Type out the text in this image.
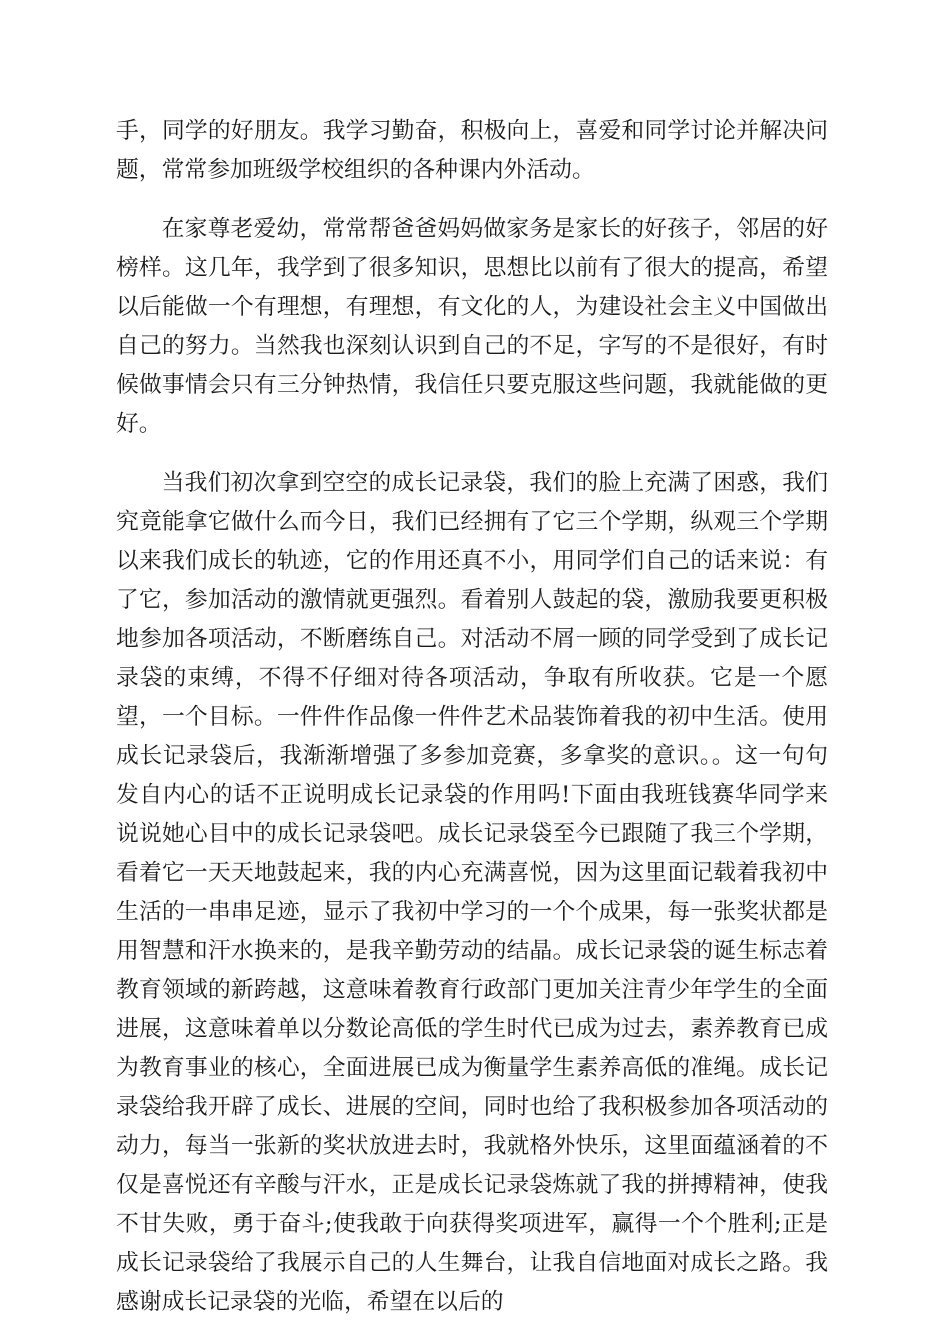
手，同学的好朋友。我学习勤奋，积极向上，喜爱和同学讨论并解决问题，常常参加班级学校组织的各种课内外活动。

在家尊老爱幼，常常帮爸爸妈妈做家务是家长的好孩子，邻居的好榜样。这几年，我学到了很多知识，思想比以前有了很大的提高，希望以后能做一个有理想，有理想，有文化的人，为建设社会主义中国做出自己的努力。当然我也深刻认识到自己的不足，字写的不是很好，有时候做事情会只有三分钟热情，我信任只要克服这些问题，我就能做的更好。

当我们初次拿到空空的成长记录袋，我们的脸上充满了困惑，我们究竟能拿它做什么而今日，我们已经拥有了它三个学期，纵观三个学期以来我们成长的轨迹，它的作用还真不小，用同学们自己的话来说：有了它，参加活动的激情就更强烈。看着别人鼓起的袋，激励我要更积极地参加各项活动，不断磨练自己。对活动不屑一顾的同学受到了成长记录袋的束缚，不得不仔细对待各项活动，争取有所收获。它是一个愿望，一个目标。一件件作品像一件件艺术品装饰着我的初中生活。使用成长记录袋后，我渐渐增强了多参加竞赛，多拿奖的意识。。这一句句发自内心的话不正说明成长记录袋的作用吗!下面由我班钱赛华同学来说说她心目中的成长记录袋吧。成长记录袋至今已跟随了我三个学期，看着它一天天地鼓起来，我的内心充满喜悦，因为这里面记载着我初中生活的一串串足迹，显示了我初中学习的一个个成果，每一张奖状都是用智慧和汗水换来的，是我辛勤劳动的结晶。成长记录袋的诞生标志着教育领域的新跨越，这意味着教育行政部门更加关注青少年学生的全面进展，这意味着单以分数论高低的学生时代已成为过去，素养教育已成为教育事业的核心，全面进展已成为衡量学生素养高低的准绳。成长记录袋给我开辟了成长、进展的空间，同时也给了我积极参加各项活动的动力，每当一张新的奖状放进去时，我就格外快乐，这里面蕴涵着的不仅是喜悦还有辛酸与汗水，正是成长记录袋炼就了我的拼搏精神，使我不甘失败，勇于奋斗;使我敢于向获得奖项进军，赢得一个个胜利;正是成长记录袋给了我展示自己的人生舞台，让我自信地面对成长之路。我感谢成长记录袋的光临，希望在以后的
